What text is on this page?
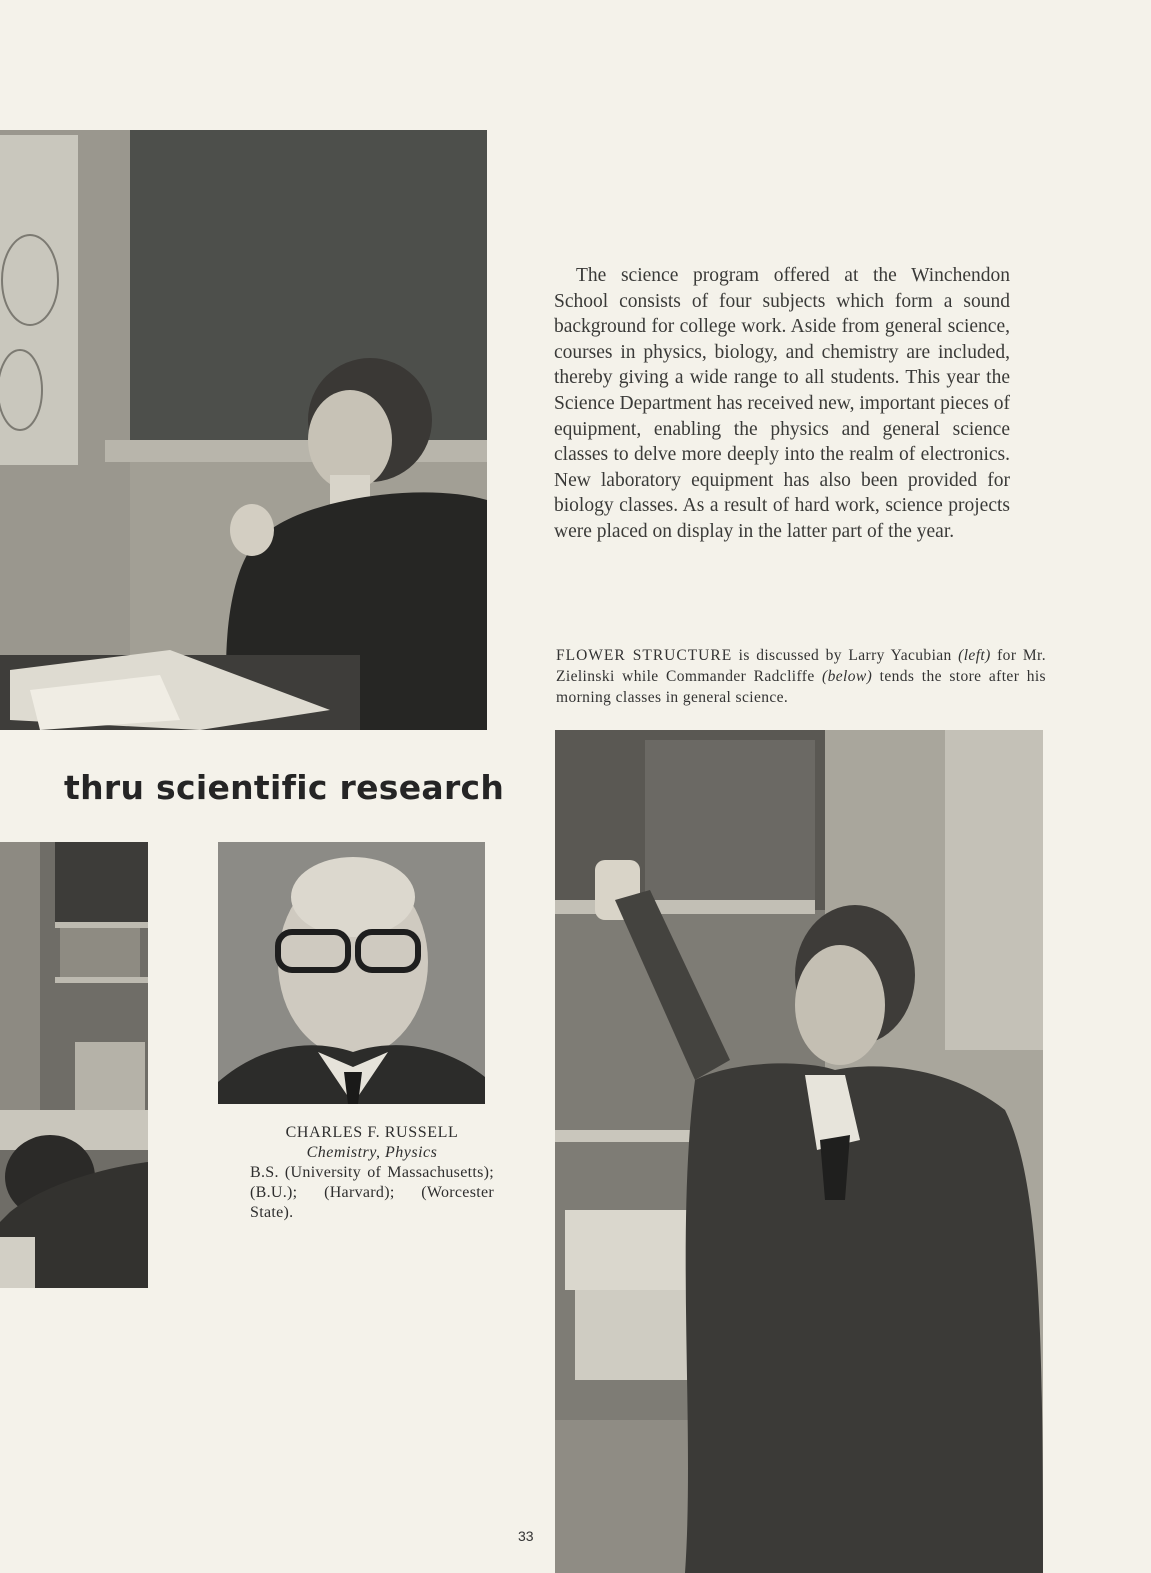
The science program offered at the Winchendon School consists of four subjects which form a sound background for college work. Aside from general science, courses in physics, biology, and chemistry are included, thereby giving a wide range to all students. This year the Science Department has received new, important pieces of equipment, enabling the physics and general science classes to delve more deeply into the realm of electronics. New laboratory equipment has also been provided for biology classes. As a result of hard work, science projects were placed on display in the latter part of the year.

FLOWER STRUCTURE is discussed by Larry Yacubian (left) for Mr. Zielinski while Commander Radcliffe (below) tends the store after his morning classes in general science.

thru scientific research
CHARLES F. RUSSELL
Chemistry, Physics
B.S. (University of Massachusetts); (B.U.); (Harvard); (Worcester State).
33
